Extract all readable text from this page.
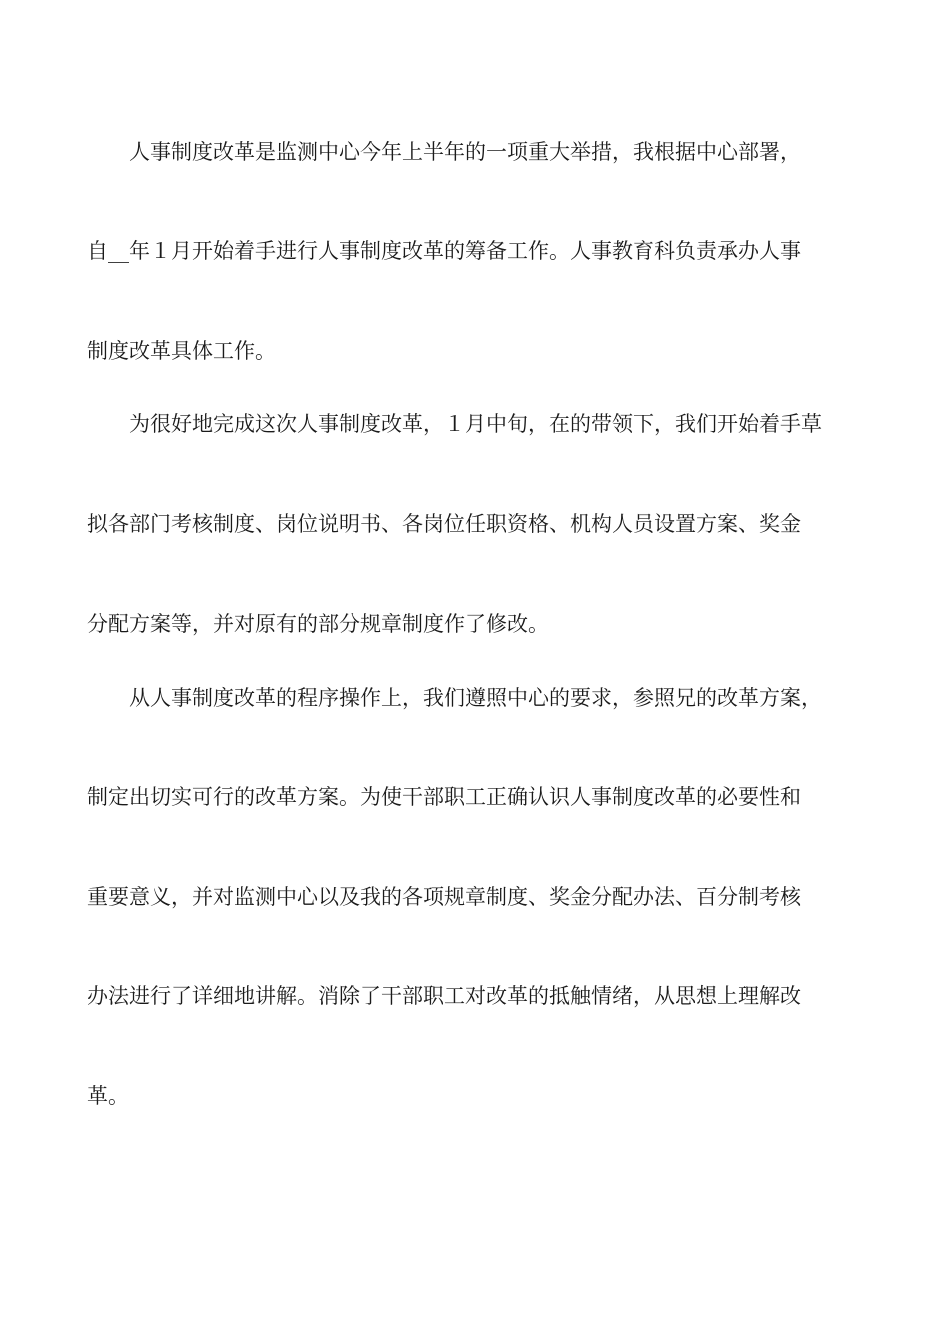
　　人事制度改革是监测中心今年上半年的一项重大举措，我根据中心部署，

自__年１月开始着手进行人事制度改革的筹备工作。人事教育科负责承办人事

制度改革具体工作。

　　为很好地完成这次人事制度改革，１月中旬，在的带领下，我们开始着手草

拟各部门考核制度、岗位说明书、各岗位任职资格、机构人员设置方案、奖金

分配方案等，并对原有的部分规章制度作了修改。

　　从人事制度改革的程序操作上，我们遵照中心的要求，参照兄的改革方案，

制定出切实可行的改革方案。为使干部职工正确认识人事制度改革的必要性和

重要意义，并对监测中心以及我的各项规章制度、奖金分配办法、百分制考核

办法进行了详细地讲解。消除了干部职工对改革的抵触情绪，从思想上理解改

革。
